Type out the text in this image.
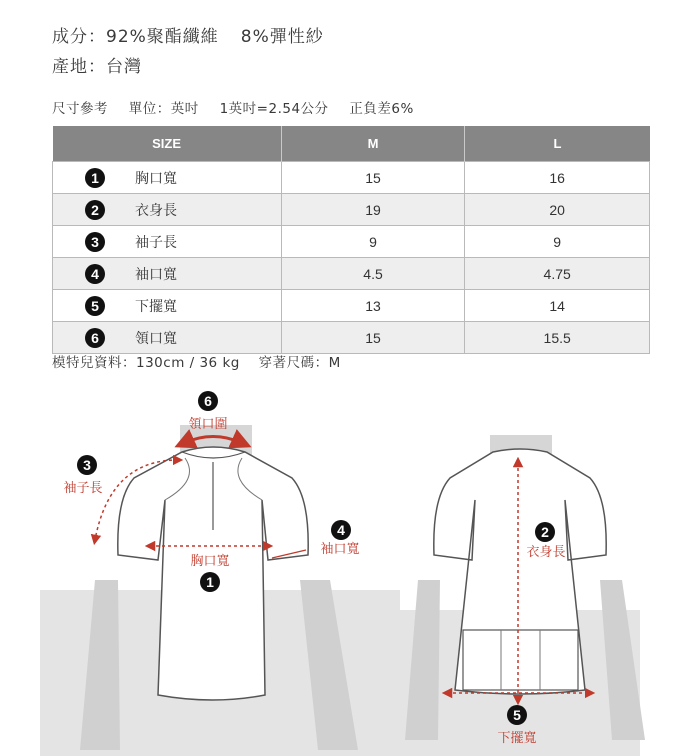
成分：92%聚酯纖維 8%彈性紗
產地：台灣
尺寸參考 單位：英吋 1英吋=2.54公分 正負差6%
SIZE	M	L

1 胸口寬	15	16

2 衣身長	19	20

3 袖子長	9	9

4 袖口寬	4.5	4.75

5 下擺寬	13	14

6 領口寬	15	15.5
模特兒資料：130cm / 36 kg 穿著尺碼：M
6
領口圍
3
袖子長
胸口寬
1
4
袖口寬
2
衣身長
5
下擺寬
